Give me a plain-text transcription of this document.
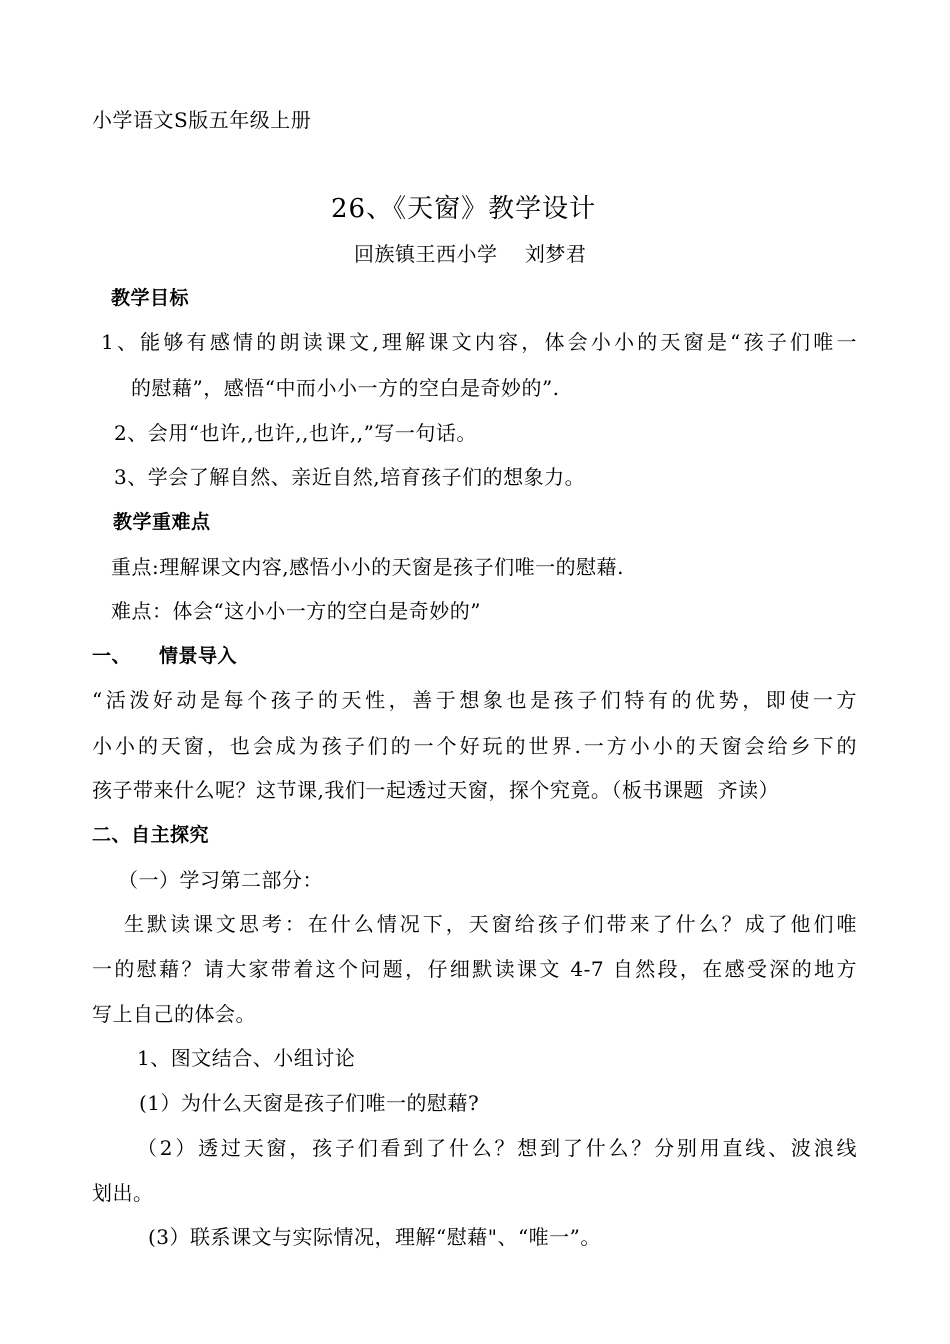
小学语文S版五年级上册
26、《天窗》教学设计
回族镇王西小学    刘梦君
教学目标
1、能够有感情的朗读课文,理解课文内容，体会小小的天窗是“孩子们唯一
的慰藉”，感悟“中而小小一方的空白是奇妙的”.
2、会用“也许,,也许,,也许,,”写一句话。
3、学会了解自然、亲近自然,培育孩子们的想象力。
教学重难点
重点:理解课文内容,感悟小小的天窗是孩子们唯一的慰藉.
难点：体会“这小小一方的空白是奇妙的”
一、 情景导入
“活泼好动是每个孩子的天性，善于想象也是孩子们特有的优势，即使一方
小小的天窗，也会成为孩子们的一个好玩的世界.一方小小的天窗会给乡下的
孩子带来什么呢？这节课,我们一起透过天窗，探个究竟。（板书课题  齐读）
二、自主探究
（一）学习第二部分：
生默读课文思考：在什么情况下，天窗给孩子们带来了什么？成了他们唯
一的慰藉？请大家带着这个问题，仔细默读课文 4-7 自然段，在感受深的地方
写上自己的体会。
1、图文结合、小组讨论
(1）为什么天窗是孩子们唯一的慰藉?
（2）透过天窗，孩子们看到了什么？想到了什么？分别用直线、波浪线
划出。
(3）联系课文与实际情况，理解“慰藉"、“唯一”。
